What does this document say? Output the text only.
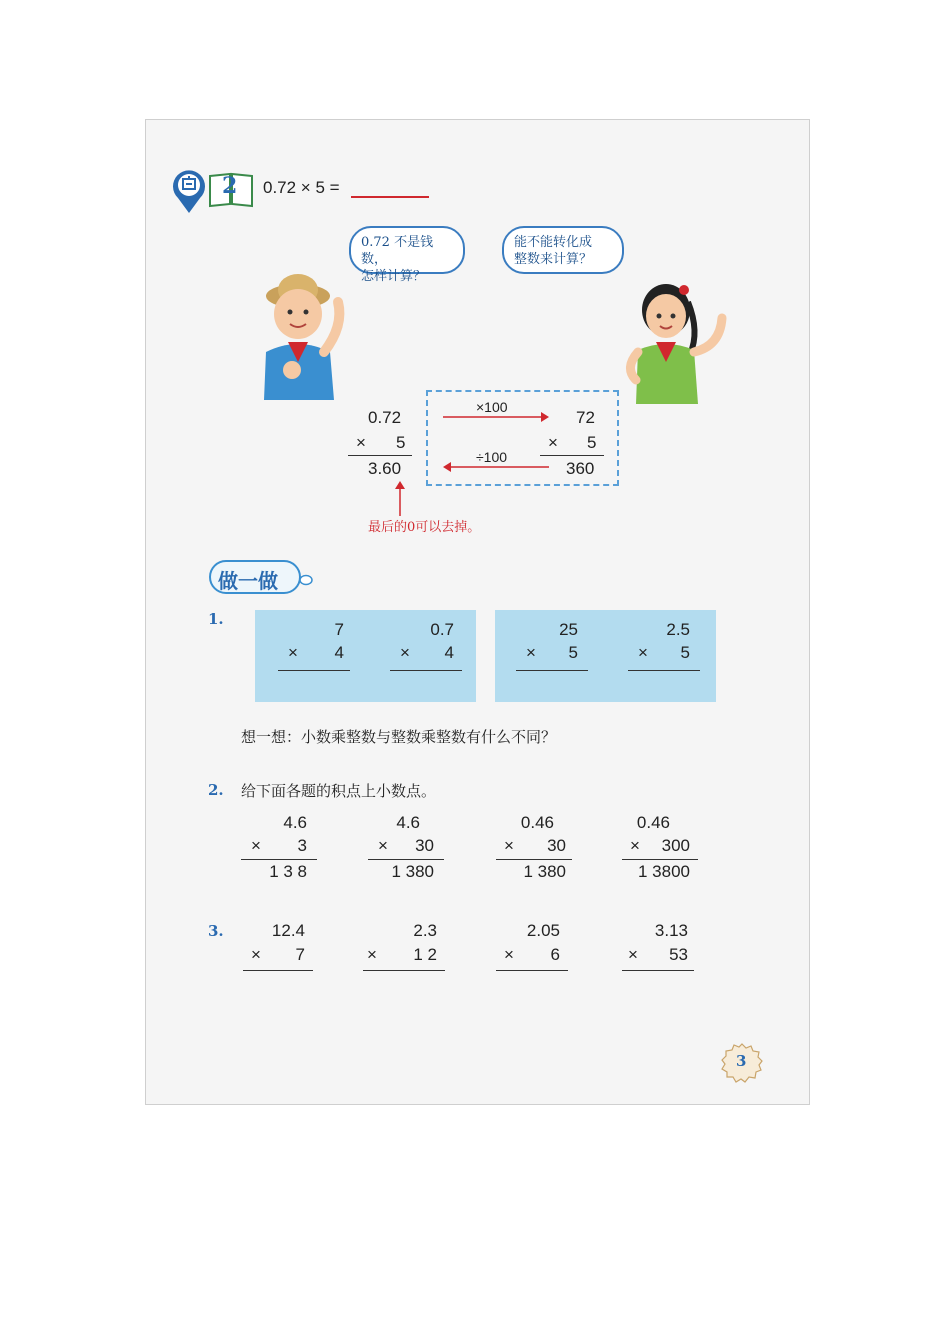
2 0.72 × 5 =
0.72 不是钱数，
怎样计算？
能不能转化成
整数来计算？
0.72
× 5
3.60
×100
÷100
72
× 5
360
最后的0可以去掉。
做一做
1.
7
× 4
0.7
× 4
25
× 5
2.5
× 5
想一想：小数乘整数与整数乘整数有什么不同？
2. 给下面各题的积点上小数点。
4.6
× 3
1 3 8
4.6
× 30
1 380
0.46
× 30
1 380
0.46
× 300
1 3800
3.	12.4
× 7
2.3
× 1 2
2.05
× 6
3.13
× 53
3
